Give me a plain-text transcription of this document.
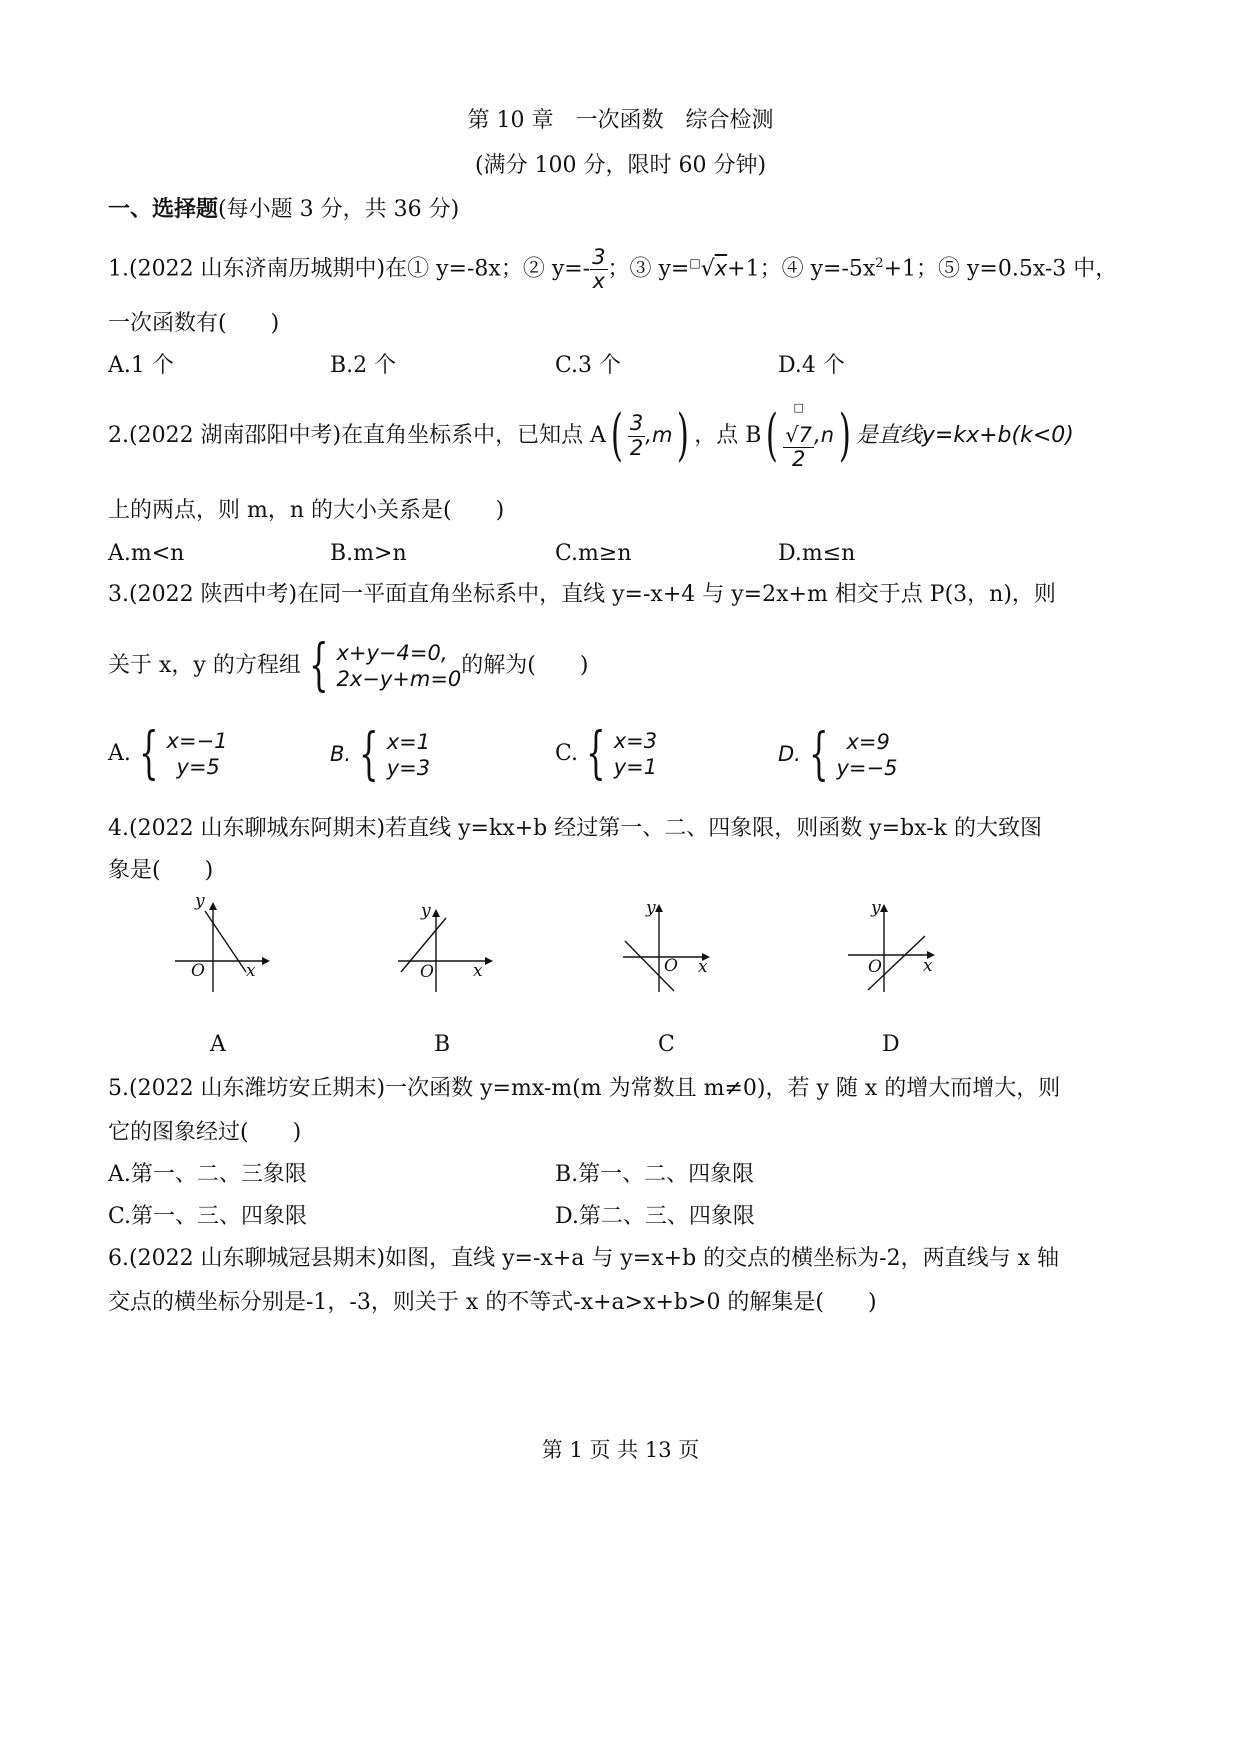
第 10 章　一次函数　综合检测
(满分 100 分，限时 60 分钟)
一、选择题(每小题 3 分，共 36 分)
1.(2022 山东济南历城期中)在① y=-8x；② $y=- \frac{3}{x}$ ；③ y=□√x+1；④ $y=-5x^2+1$；⑤ y=0.5x-3 中，
一次函数有(　　)
A.1 个	B.2 个	C.3 个	D.4 个
2.(2022 湖南邵阳中考)在直角坐标系中，已知点 $A( \frac{3}{2} ,m)$ ，点 B( □
√7
2 ,n) 是直线y=kx+b(k<0)
上的两点，则 m，n 的大小关系是(　　)
A.m<n	B.m>n	C.m≥n	D.m≤n
3.(2022 陕西中考)在同一平面直角坐标系中，直线 y=-x+4 与 y=2x+m 相交于点 P(3，n)，则
关于 x，y 的方程组 { x+y−4=0,
2x−y+m=0
的解为(　　)
A. { x=−1
y=5
B. { x=1
y=3
C. { x=3
y=1
D. { x=9
y=−5
4.(2022 山东聊城东阿期末)若直线 y=kx+b 经过第一、二、四象限，则函数 y=bx-k 的大致图
象是(　　)
y
x
O
y
x
O
y
x
O
y
x
O
A	B	C	D
5.(2022 山东潍坊安丘期末)一次函数 y=mx-m(m 为常数且 m≠0)，若 y 随 x 的增大而增大，则
它的图象经过(　　)
A.第一、二、三象限	B.第一、二、四象限
C.第一、三、四象限	D.第二、三、四象限
6.(2022 山东聊城冠县期末)如图，直线 y=-x+a 与 y=x+b 的交点的横坐标为-2，两直线与 x 轴
交点的横坐标分别是-1，-3，则关于 x 的不等式-x+a>x+b>0 的解集是(　　)
第 1 页 共 13 页
